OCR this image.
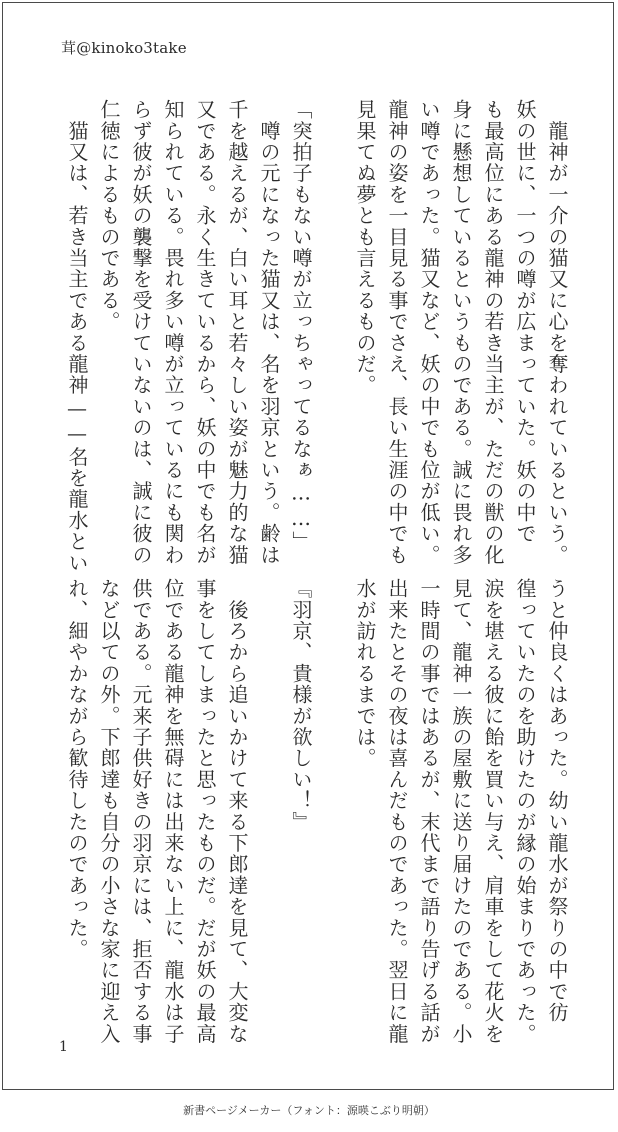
茸@kinoko3take
　龍神が一介の猫又に心を奪われているという。妖の世に、一つの噂が広まっていた。妖の中でも最高位にある龍神の若き当主が、ただの獣の化身に懸想しているというものである。誠に畏れ多い噂であった。猫又など、妖の中でも位が低い。龍神の姿を一目見る事でさえ、長い生涯の中でも見果てぬ夢とも言えるものだ。「突拍子もない噂が立っちゃってるなぁ……」　噂の元になった猫又は、名を羽京という。齢は千を越えるが、白い耳と若々しい姿が魅力的な猫又である。永く生きているから、妖の中でも名が知られている。畏れ多い噂が立っているにも関わらず彼が妖の襲撃を受けていないのは、誠に彼の仁徳によるものである。　猫又は、若き当主である龍神——名を龍水とい
うと仲良くはあった。幼い龍水が祭りの中で彷徨っていたのを助けたのが縁の始まりであった。涙を堪える彼に飴を買い与え、肩車をして花火を見て、龍神一族の屋敷に送り届けたのである。小一時間の事ではあるが、末代まで語り告げる話が出来たとその夜は喜んだものであった。翌日に龍水が訪れるまでは。『羽京、貴様が欲しい！』　後ろから追いかけて来る下郎達を見て、大変な事をしてしまったと思ったものだ。だが妖の最高位である龍神を無碍には出来ない上に、龍水は子供である。元来子供好きの羽京には、拒否する事など以ての外。下郎達も自分の小さな家に迎え入れ、細やかながら歓待したのであった。
1
新書ページメーカー（フォント：源暎こぶり明朝）
